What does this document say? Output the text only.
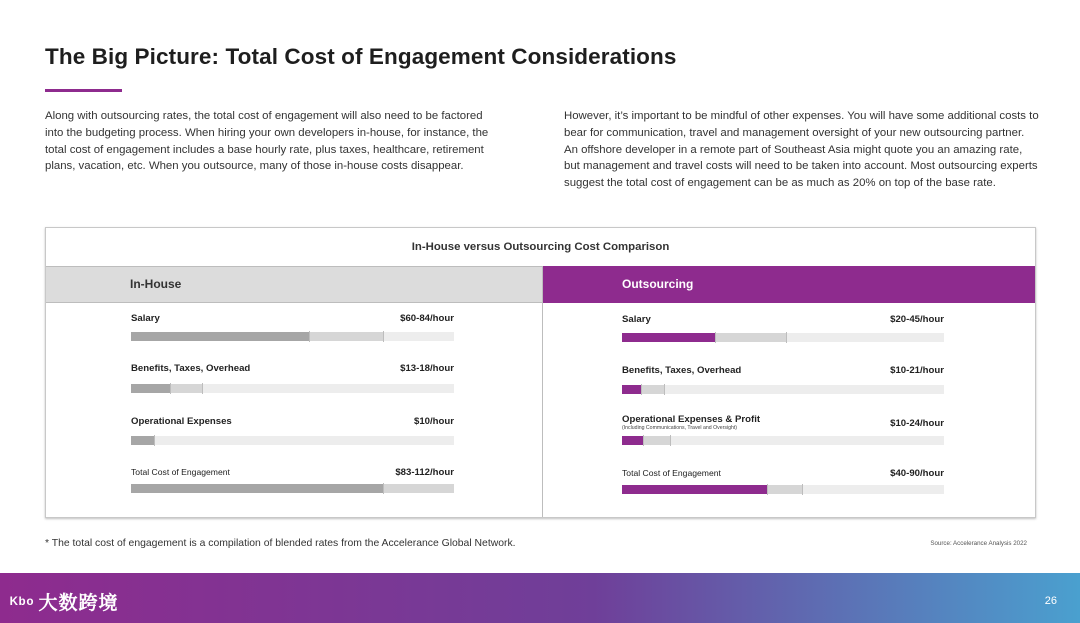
The Big Picture: Total Cost of Engagement Considerations

Along with outsourcing rates, the total cost of engagement will also need to be factored into the budgeting process. When hiring your own developers in-house, for instance, the total cost of engagement includes a base hourly rate, plus taxes, healthcare, retirement plans, vacation, etc. When you outsource, many of those in-house costs disappear.

However, it’s important to be mindful of other expenses. You will have some additional costs to bear for communication, travel and management oversight of your new outsourcing partner. An offshore developer in a remote part of Southeast Asia might quote you an amazing rate, but management and travel costs will need to be taken into account. Most outsourcing experts suggest the total cost of engagement can be as much as 20% on top of the base rate.

In-House versus Outsourcing Cost Comparison
In-House	Outsourcing
Salary	$60-84/hour
Benefits, Taxes, Overhead	$13-18/hour
Operational Expenses	$10/hour
Total Cost of Engagement	$83-112/hour
Salary	$20-45/hour
Benefits, Taxes, Overhead	$10-21/hour
Operational Expenses & Profit
(Including Communications, Travel and Oversight)	$10-24/hour
Total Cost of Engagement	$40-90/hour
* The total cost of engagement is a compilation of blended rates from the Accelerance Global Network.	Source: Accelerance Analysis 2022
ᴷᵇᵒ 大数跨境	26
